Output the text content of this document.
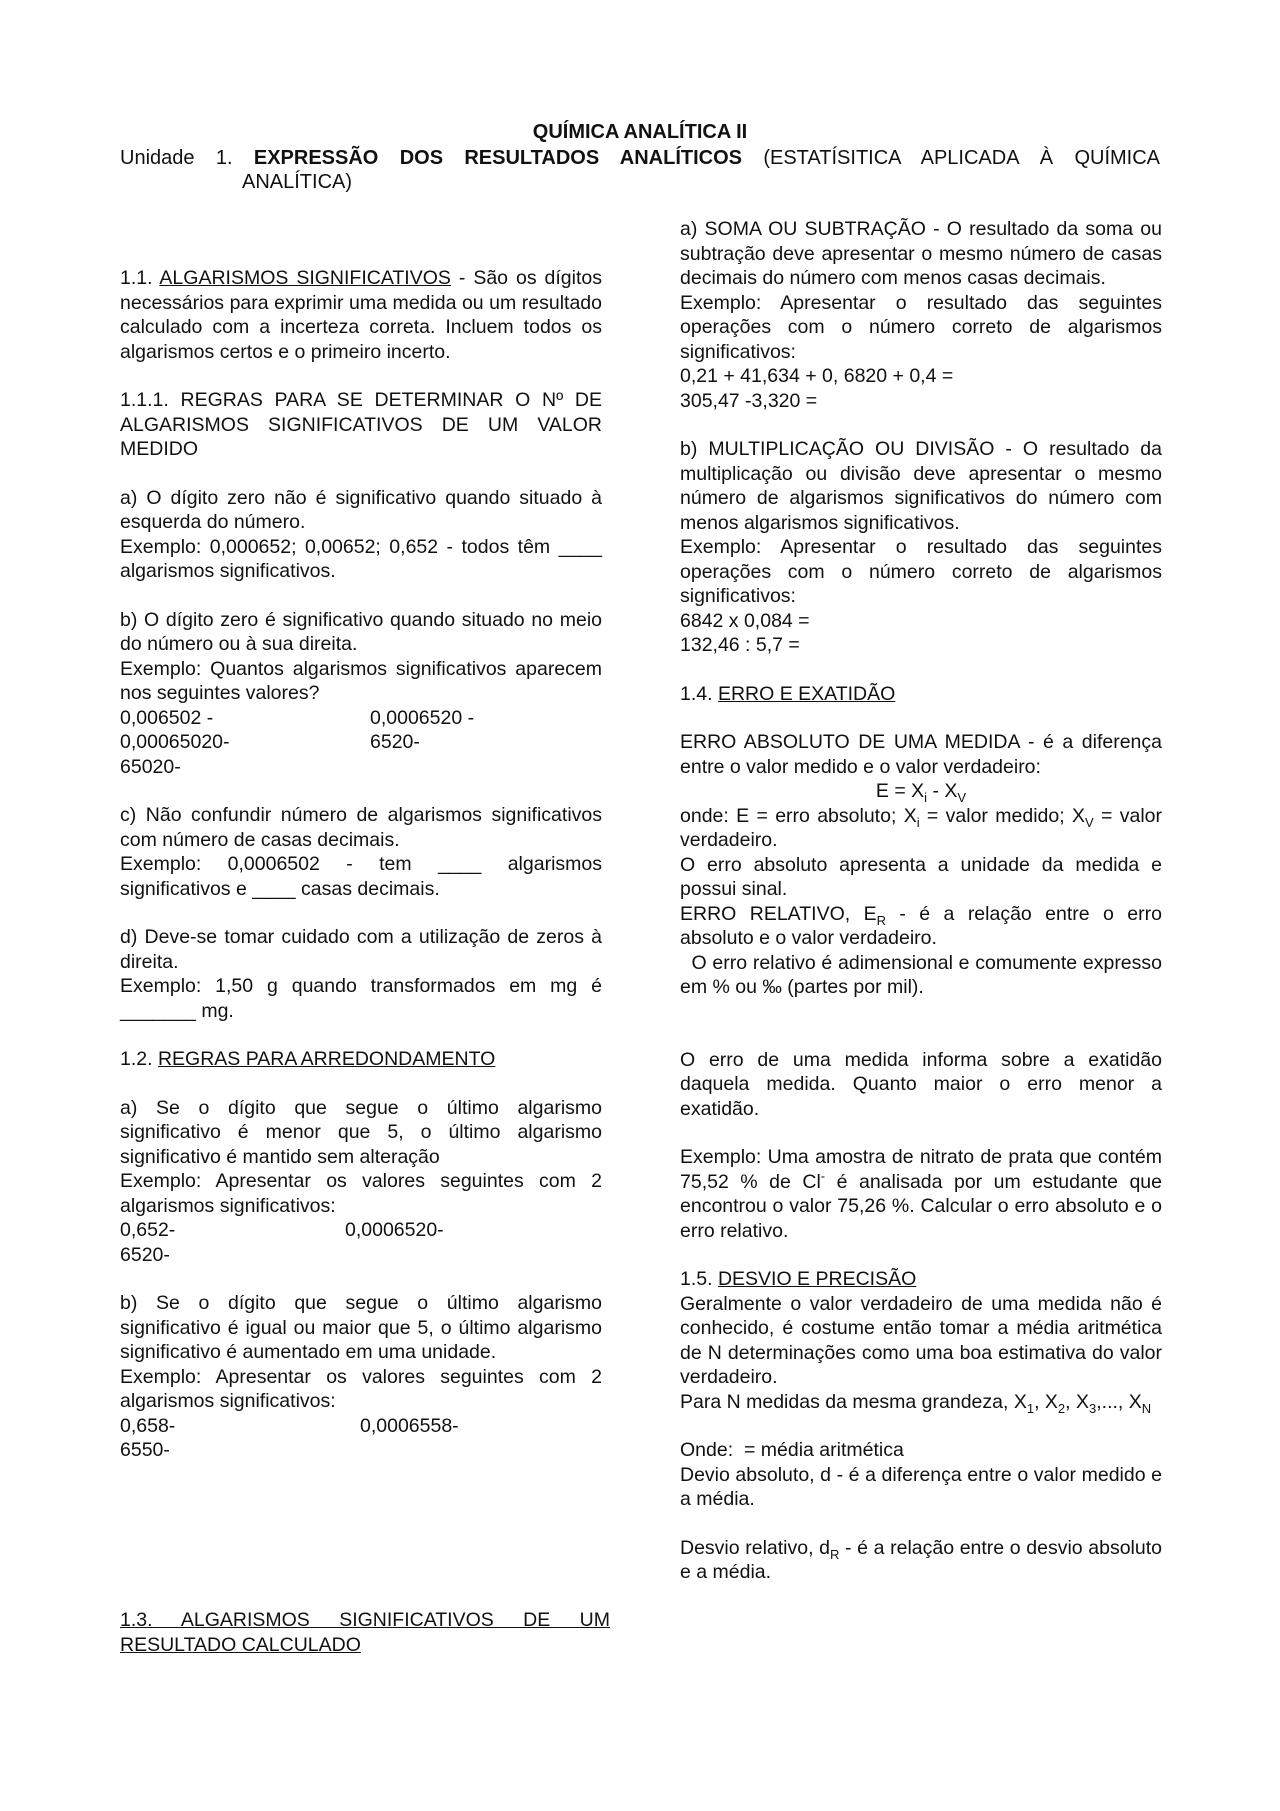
QUÍMICA ANALÍTICA II
Unidade 1. EXPRESSÃO DOS RESULTADOS ANALÍTICOS (ESTATÍSITICA APLICADA À QUÍMICA
ANALÍTICA)

1.1. ALGARISMOS SIGNIFICATIVOS - São os dígitos necessários para exprimir uma medida ou um resultado calculado com a incerteza correta. Incluem todos os algarismos certos e o primeiro incerto.

1.1.1. REGRAS PARA SE DETERMINAR O Nº DE ALGARISMOS SIGNIFICATIVOS DE UM VALOR MEDIDO

a) O dígito zero não é significativo quando situado à esquerda do número.

Exemplo: 0,000652; 0,00652; 0,652 - todos têm ____ algarismos significativos.

b) O dígito zero é significativo quando situado no meio do número ou à sua direita.

Exemplo: Quantos algarismos significativos aparecem nos seguintes valores?

0,006502 -	0,0006520 -
0,00065020-	6520-
65020-

c) Não confundir número de algarismos significativos com número de casas decimais.

Exemplo: 0,0006502 - tem ____ algarismos significativos e ____ casas decimais.

d) Deve-se tomar cuidado com a utilização de zeros à direita.

Exemplo: 1,50 g quando transformados em mg é _______ mg.

1.2. REGRAS PARA ARREDONDAMENTO

a) Se o dígito que segue o último algarismo significativo é menor que 5, o último algarismo significativo é mantido sem alteração

Exemplo: Apresentar os valores seguintes com 2 algarismos significativos:

0,652-	0,0006520-
6520-

b) Se o dígito que segue o último algarismo significativo é igual ou maior que 5, o último algarismo significativo é aumentado em uma unidade.

Exemplo: Apresentar os valores seguintes com 2 algarismos significativos:

0,658-	0,0006558-
6550-
1.3. ALGARISMOS SIGNIFICATIVOS DE UM
RESULTADO CALCULADO

a) SOMA OU SUBTRAÇÃO - O resultado da soma ou subtração deve apresentar o mesmo número de casas decimais do número com menos casas decimais.

Exemplo: Apresentar o resultado das seguintes operações com o número correto de algarismos significativos:

0,21 + 41,634 + 0, 6820 + 0,4 =

305,47 -3,320 =

b) MULTIPLICAÇÃO OU DIVISÃO - O resultado da multiplicação ou divisão deve apresentar o mesmo número de algarismos significativos do número com menos algarismos significativos.

Exemplo: Apresentar o resultado das seguintes operações com o número correto de algarismos significativos:

6842 x 0,084 =

132,46 : 5,7 =

1.4. ERRO E EXATIDÃO

ERRO ABSOLUTO DE UMA MEDIDA - é a diferença entre o valor medido e o valor verdadeiro:

$E = X_i - X_V$

onde: E = erro absoluto; $X_i$ = valor medido; $X_V$ = valor verdadeiro.

O erro absoluto apresenta a unidade da medida e possui sinal.

ERRO RELATIVO, $E_R$ - é a relação entre o erro absoluto e o valor verdadeiro.

O erro relativo é adimensional e comumente expresso em % ou ‰ (partes por mil).

O erro de uma medida informa sobre a exatidão daquela medida. Quanto maior o erro menor a exatidão.

Exemplo: Uma amostra de nitrato de prata que contém 75,52 % de Cl- é analisada por um estudante que encontrou o valor 75,26 %. Calcular o erro absoluto e o erro relativo.

1.5. DESVIO E PRECISÃO

Geralmente o valor verdadeiro de uma medida não é conhecido, é costume então tomar a média aritmética de N determinações como uma boa estimativa do valor verdadeiro.

Para N medidas da mesma grandeza, $X_1$, $X_2$, $X_3$,..., $X_N$

Onde:  = média aritmética

Devio absoluto, d - é a diferença entre o valor medido e a média.

Desvio relativo, $d_R$ - é a relação entre o desvio absoluto e a média.
